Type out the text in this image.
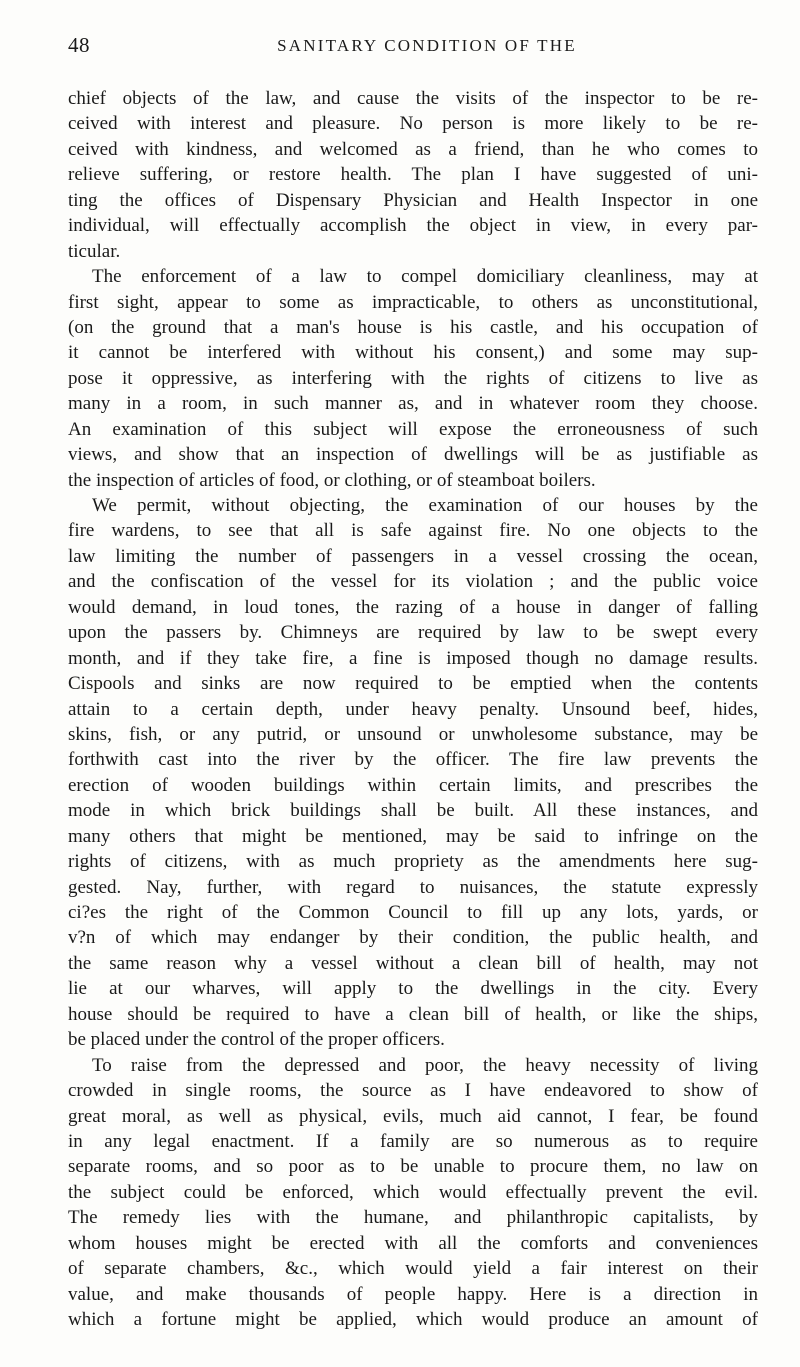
48	SANITARY CONDITION OF THE
chief objects of the law, and cause the visits of the inspector to be re-
ceived with interest and pleasure. No person is more likely to be re-
ceived with kindness, and welcomed as a friend, than he who comes to
relieve suffering, or restore health. The plan I have suggested of uni-
ting the offices of Dispensary Physician and Health Inspector in one
individual, will effectually accomplish the object in view, in every par-
ticular.
The enforcement of a law to compel domiciliary cleanliness, may at
first sight, appear to some as impracticable, to others as unconstitutional,
(on the ground that a man's house is his castle, and his occupation of
it cannot be interfered with without his consent,) and some may sup-
pose it oppressive, as interfering with the rights of citizens to live as
many in a room, in such manner as, and in whatever room they choose.
An examination of this subject will expose the erroneousness of such
views, and show that an inspection of dwellings will be as justifiable as
the inspection of articles of food, or clothing, or of steamboat boilers.
We permit, without objecting, the examination of our houses by the
fire wardens, to see that all is safe against fire. No one objects to the
law limiting the number of passengers in a vessel crossing the ocean,
and the confiscation of the vessel for its violation ; and the public voice
would demand, in loud tones, the razing of a house in danger of falling
upon the passers by. Chimneys are required by law to be swept every
month, and if they take fire, a fine is imposed though no damage results.
Cispools and sinks are now required to be emptied when the contents
attain to a certain depth, under heavy penalty. Unsound beef, hides,
skins, fish, or any putrid, or unsound or unwholesome substance, may be
forthwith cast into the river by the officer. The fire law prevents the
erection of wooden buildings within certain limits, and prescribes the
mode in which brick buildings shall be built. All these instances, and
many others that might be mentioned, may be said to infringe on the
rights of citizens, with as much propriety as the amendments here sug-
gested. Nay, further, with regard to nuisances, the statute expressly
ci?es the right of the Common Council to fill up any lots, yards, or
v?n of which may endanger by their condition, the public health, and
the same reason why a vessel without a clean bill of health, may not
lie at our wharves, will apply to the dwellings in the city. Every
house should be required to have a clean bill of health, or like the ships,
be placed under the control of the proper officers.
To raise from the depressed and poor, the heavy necessity of living
crowded in single rooms, the source as I have endeavored to show of
great moral, as well as physical, evils, much aid cannot, I fear, be found
in any legal enactment. If a family are so numerous as to require
separate rooms, and so poor as to be unable to procure them, no law on
the subject could be enforced, which would effectually prevent the evil.
The remedy lies with the humane, and philanthropic capitalists, by
whom houses might be erected with all the comforts and conveniences
of separate chambers, &c., which would yield a fair interest on their
value, and make thousands of people happy. Here is a direction in
which a fortune might be applied, which would produce an amount of
